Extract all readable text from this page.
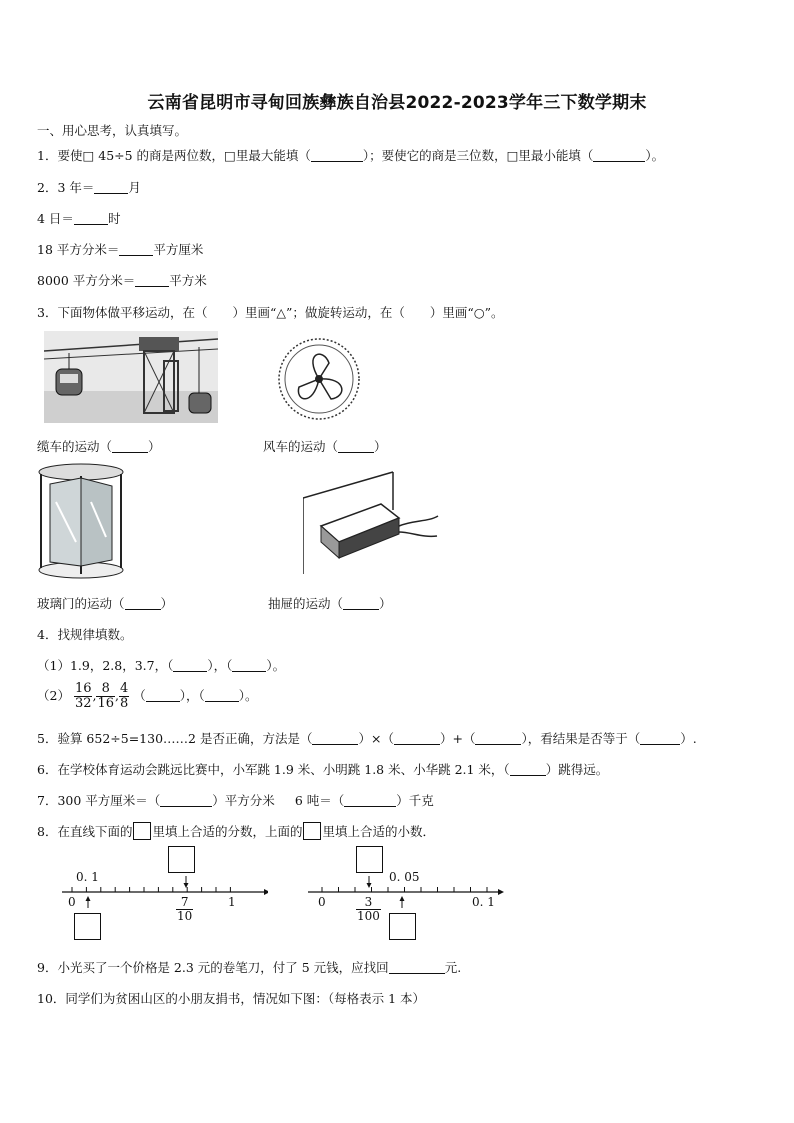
云南省昆明市寻甸回族彝族自治县2022-2023学年三下数学期末
一、用心思考，认真填写。
1．要使□ 45÷5 的商是两位数，□里最大能填（	）；要使它的商是三位数，□里最小能填（	）。
2．3 年＝	月
4 日＝	时
18 平方分米＝	平方厘米
8000 平方分米＝	平方米
3．下面物体做平移运动，在（　　）里画“△”；做旋转运动，在（　　）里画“○”。
缆车的运动（	）	风车的运动（	）
玻璃门的运动（	）	抽屉的运动（	）
4．找规律填数。
（1）1.9，2.8，3.7，（	），（	）。
$(2) \frac{16}{32}$ , $\frac{8}{16}$ , $\frac{4}{8}$ （	），（	）。
5．验算 652÷5=130……2 是否正确，方法是（	）×（	）+（	），看结果是否等于（	）.
6．在学校体育运动会跳远比赛中，小军跳 1.9 米、小明跳 1.8 米、小华跳 2.1 米，（	）跳得远。
7．300 平方厘米＝（	）平方分米 6 吨＝（	）千克
8．在直线下面的 里填上合适的分数，上面的 里填上合适的小数．
0. 1
0	1
$\frac{7}{10}$
0. 05
0	0. 1
$\frac{3}{100}$
9．小光买了一个价格是 2.3 元的卷笔刀，付了 5 元钱，应找回	元.
10．同学们为贫困山区的小朋友捐书，情况如下图：（每格表示 1 本）
